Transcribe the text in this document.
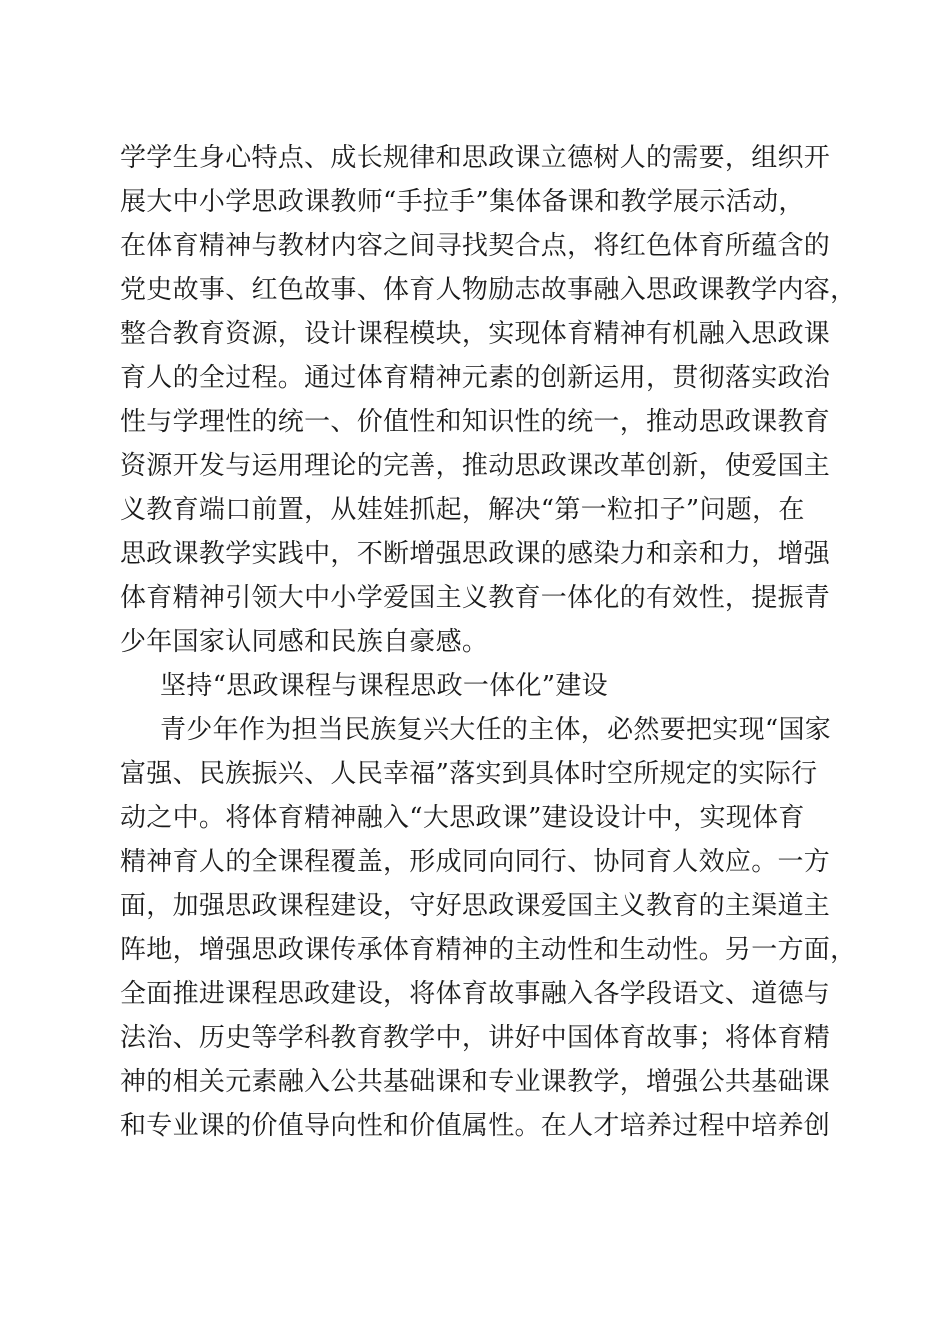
学学生身心特点、成长规律和思政课立德树人的需要，组织开
展大中小学思政课教师“手拉手”集体备课和教学展示活动，
在体育精神与教材内容之间寻找契合点，将红色体育所蕴含的
党史故事、红色故事、体育人物励志故事融入思政课教学内容，
整合教育资源，设计课程模块，实现体育精神有机融入思政课
育人的全过程。通过体育精神元素的创新运用，贯彻落实政治
性与学理性的统一、价值性和知识性的统一，推动思政课教育
资源开发与运用理论的完善，推动思政课改革创新，使爱国主
义教育端口前置，从娃娃抓起，解决“第一粒扣子”问题，在
思政课教学实践中，不断增强思政课的感染力和亲和力，增强
体育精神引领大中小学爱国主义教育一体化的有效性，提振青
少年国家认同感和民族自豪感。
坚持“思政课程与课程思政一体化”建设
青少年作为担当民族复兴大任的主体，必然要把实现“国家
富强、民族振兴、人民幸福”落实到具体时空所规定的实际行
动之中。将体育精神融入“大思政课”建设设计中，实现体育
精神育人的全课程覆盖，形成同向同行、协同育人效应。一方
面，加强思政课程建设，守好思政课爱国主义教育的主渠道主
阵地，增强思政课传承体育精神的主动性和生动性。另一方面，
全面推进课程思政建设，将体育故事融入各学段语文、道德与
法治、历史等学科教育教学中，讲好中国体育故事；将体育精
神的相关元素融入公共基础课和专业课教学，增强公共基础课
和专业课的价值导向性和价值属性。在人才培养过程中培养创
